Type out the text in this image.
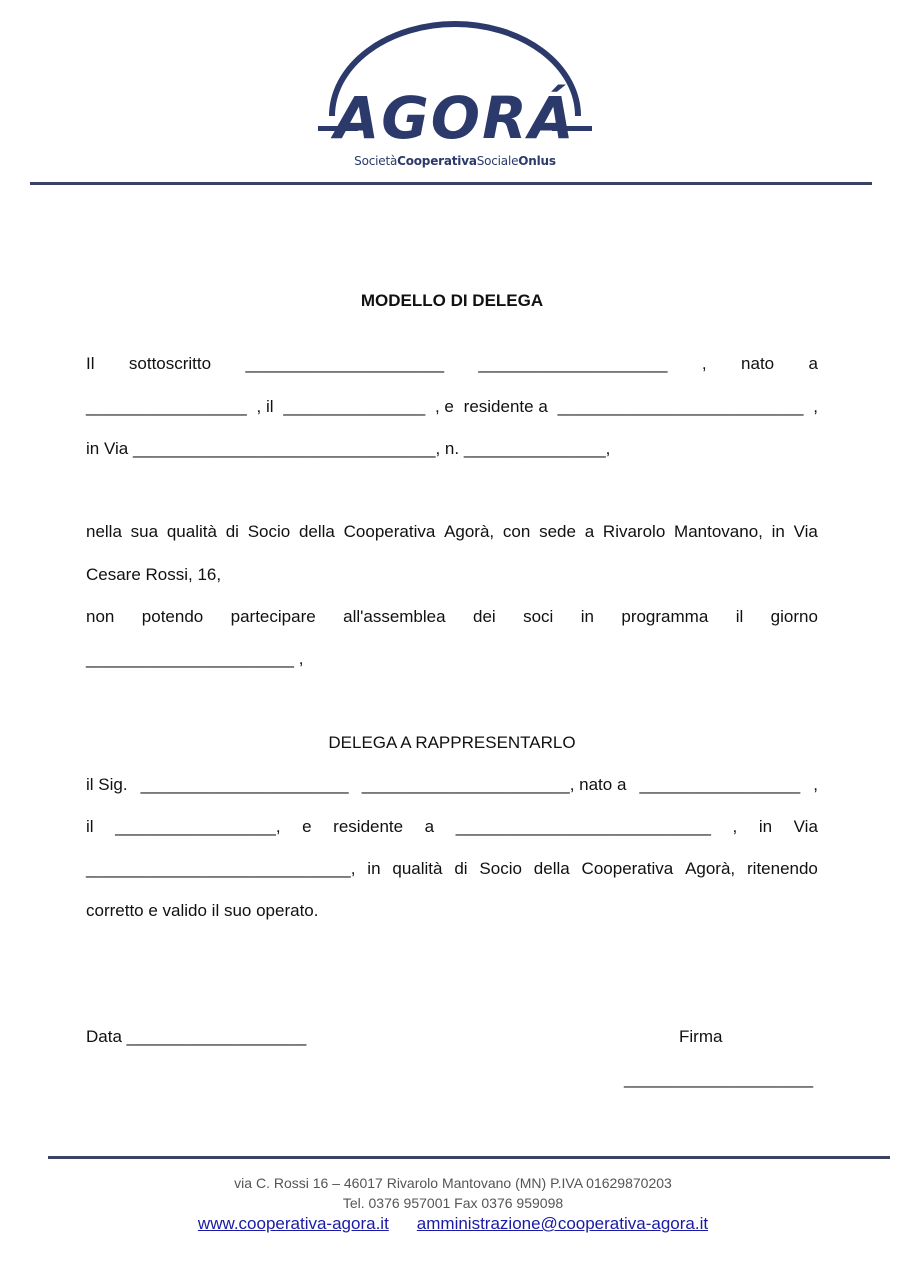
AGORÁ
SocietàCooperativaSocialeOnlus
MODELLO DI DELEGA
Il sottoscritto _____________________ ____________________ , nato a
_________________ , il _______________ , e residente a __________________________ ,
in Via ________________________________, n. _______________,
nella sua qualità di Socio della Cooperativa Agorà, con sede a Rivarolo Mantovano, in Via
Cesare Rossi, 16,
non potendo partecipare all'assemblea dei soci in programma il giorno
______________________ ,
DELEGA A RAPPRESENTARLO
il Sig. ______________________ ______________________, nato a _________________ ,
il _________________, e residente a ___________________________ , in Via
____________________________, in qualità di Socio della Cooperativa Agorà, ritenendo
corretto e valido il suo operato.
Data ___________________	Firma
____________________
via C. Rossi 16 – 46017 Rivarolo Mantovano (MN) P.IVA 01629870203
Tel. 0376 957001 Fax 0376 959098
www.cooperativa-agora.it amministrazione@cooperativa-agora.it
